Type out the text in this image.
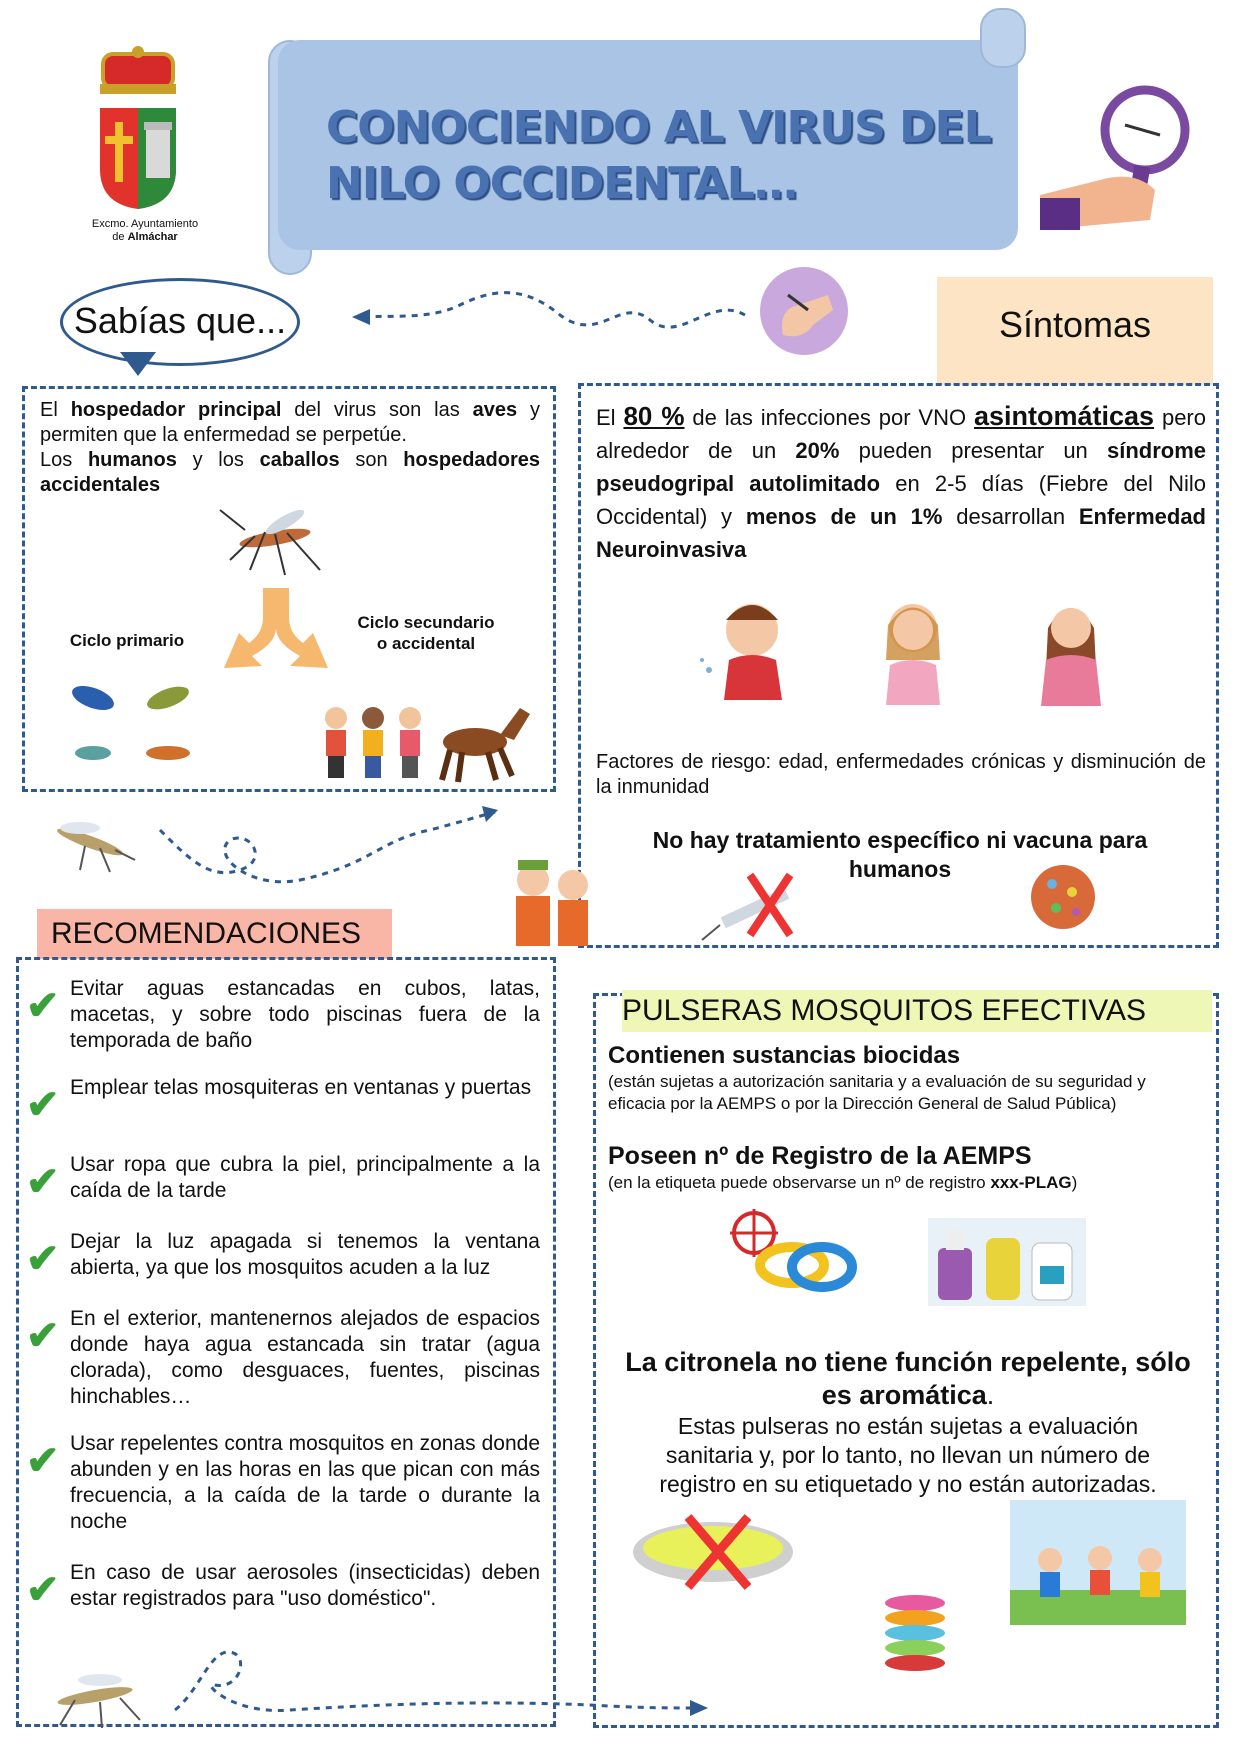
Excmo. Ayuntamiento
de Almáchar
CONOCIENDO AL VIRUS DEL
NILO OCCIDENTAL…
Sabías que...	Síntomas

El hospedador principal del virus son las aves y permiten que la enfermedad se perpetúe.

Los humanos y los caballos son hospedadores accidentales

Ciclo primario
Ciclo secundario o accidental
El 80 % de las infecciones por VNO asintomáticas pero alrededor de un 20% pueden presentar un síndrome pseudogripal autolimitado en 2-5 días (Fiebre del Nilo Occidental) y menos de un 1% desarrollan Enfermedad Neuroinvasiva
Factores de riesgo: edad, enfermedades crónicas y disminución de la inmunidad
No hay tratamiento específico ni vacuna para humanos
RECOMENDACIONES
✔ Evitar aguas estancadas en cubos, latas, macetas, y sobre todo piscinas fuera de la temporada de baño
✔ Emplear telas mosquiteras en ventanas y puertas
✔ Usar ropa que cubra la piel, principalmente a la caída de la tarde
✔ Dejar la luz apagada si tenemos la ventana abierta, ya que los mosquitos acuden a la luz
✔ En el exterior, mantenernos alejados de espacios donde haya agua estancada sin tratar (agua clorada), como desguaces, fuentes, piscinas hinchables…
✔ Usar repelentes contra mosquitos en zonas donde abunden y en las horas en las que pican con más frecuencia, a la caída de la tarde o durante la noche
✔ En caso de usar aerosoles (insecticidas) deben estar registrados para "uso doméstico".
PULSERAS MOSQUITOS EFECTIVAS
Contienen sustancias biocidas
(están sujetas a autorización sanitaria y a evaluación de su seguridad y eficacia por la AEMPS o por la Dirección General de Salud Pública)
Poseen nº de Registro de la AEMPS
(en la etiqueta puede observarse un nº de registro xxx-PLAG)
La citronela no tiene función repelente, sólo es aromática.
Estas pulseras no están sujetas a evaluación sanitaria y, por lo tanto, no llevan un número de registro en su etiquetado y no están autorizadas.
